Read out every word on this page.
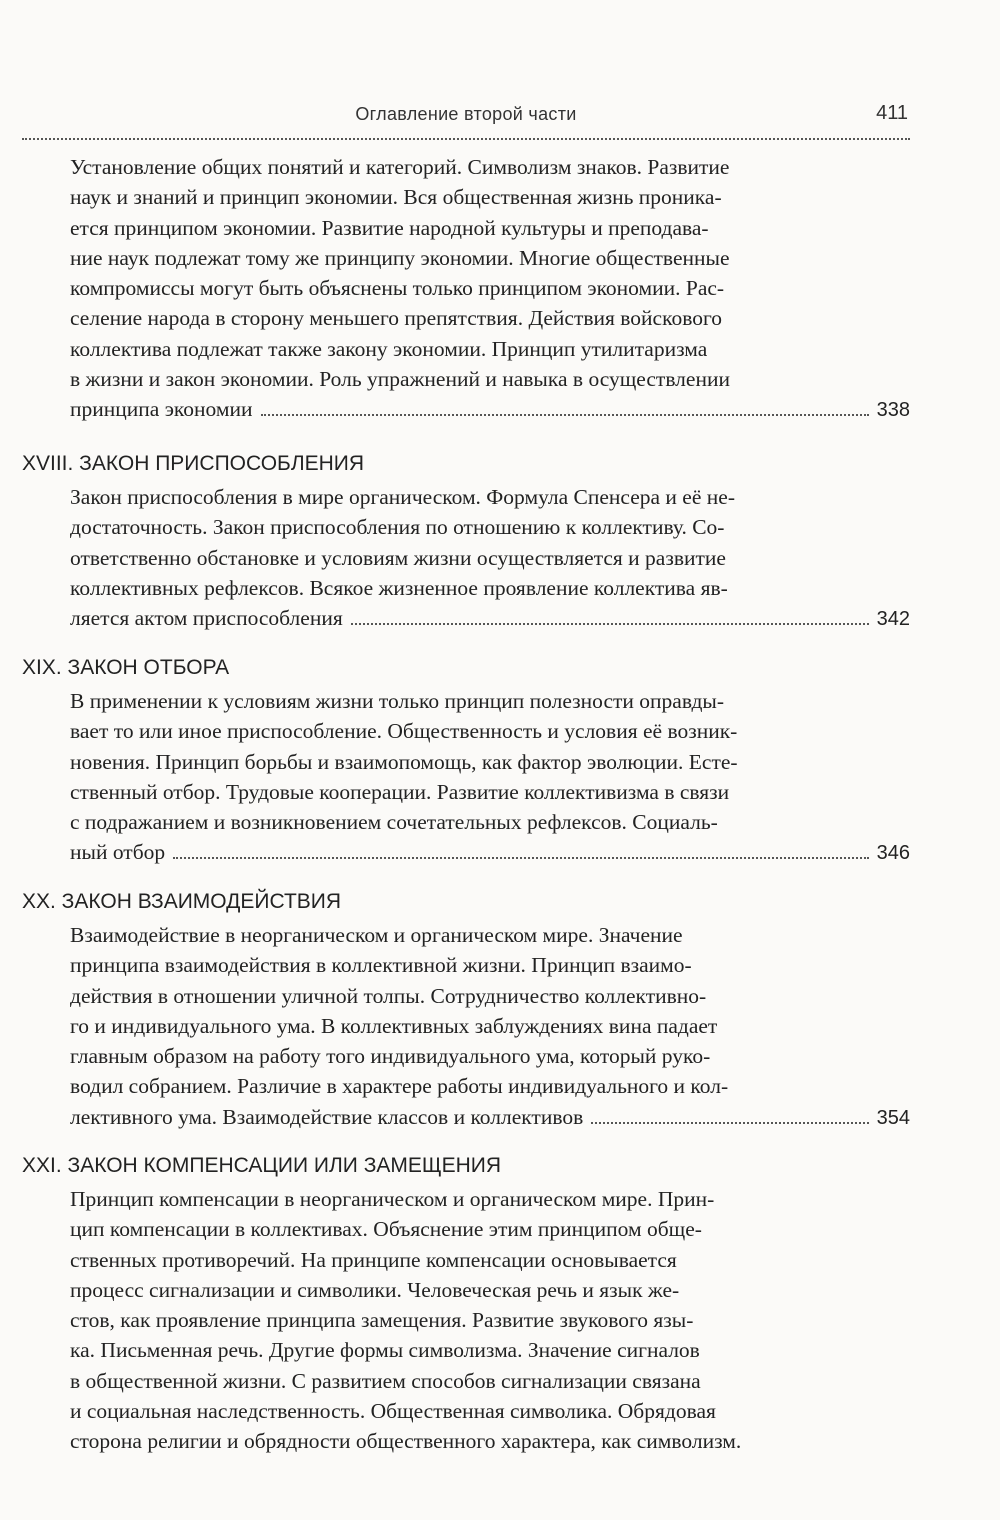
Оглавление второй части	411
Установление общих понятий и категорий. Символизм знаков. Развитие
наук и знаний и принцип экономии. Вся общественная жизнь проника-
ется принципом экономии. Развитие народной культуры и преподава-
ние наук подлежат тому же принципу экономии. Многие общественные
компромиссы могут быть объяснены только принципом экономии. Рас-
селение народа в сторону меньшего препятствия. Действия войскового
коллектива подлежат также закону экономии. Принцип утилитаризма
в жизни и закон экономии. Роль упражнений и навыка в осуществлении
принципа экономии	338
XVIII. ЗАКОН ПРИСПОСОБЛЕНИЯ
Закон приспособления в мире органическом. Формула Спенсера и её не-
достаточность. Закон приспособления по отношению к коллективу. Со-
ответственно обстановке и условиям жизни осуществляется и развитие
коллективных рефлексов. Всякое жизненное проявление коллектива яв-
ляется актом приспособления	342
XIX. ЗАКОН ОТБОРА
В применении к условиям жизни только принцип полезности оправды-
вает то или иное приспособление. Общественность и условия её возник-
новения. Принцип борьбы и взаимопомощь, как фактор эволюции. Есте-
ственный отбор. Трудовые кооперации. Развитие коллективизма в связи
с подражанием и возникновением сочетательных рефлексов. Социаль-
ный отбор	346
XX. ЗАКОН ВЗАИМОДЕЙСТВИЯ
Взаимодействие в неорганическом и органическом мире. Значение
принципа взаимодействия в коллективной жизни. Принцип взаимо-
действия в отношении уличной толпы. Сотрудничество коллективно-
го и индивидуального ума. В коллективных заблуждениях вина падает
главным образом на работу того индивидуального ума, который руко-
водил собранием. Различие в характере работы индивидуального и кол-
лективного ума. Взаимодействие классов и коллективов	354
XXI. ЗАКОН КОМПЕНСАЦИИ ИЛИ ЗАМЕЩЕНИЯ
Принцип компенсации в неорганическом и органическом мире. Прин-
цип компенсации в коллективах. Объяснение этим принципом обще-
ственных противоречий. На принципе компенсации основывается
процесс сигнализации и символики. Человеческая речь и язык же-
стов, как проявление принципа замещения. Развитие звукового язы-
ка. Письменная речь. Другие формы символизма. Значение сигналов
в общественной жизни. С развитием способов сигнализации связана
и социальная наследственность. Общественная символика. Обрядовая
сторона религии и обрядности общественного характера, как символизм.
